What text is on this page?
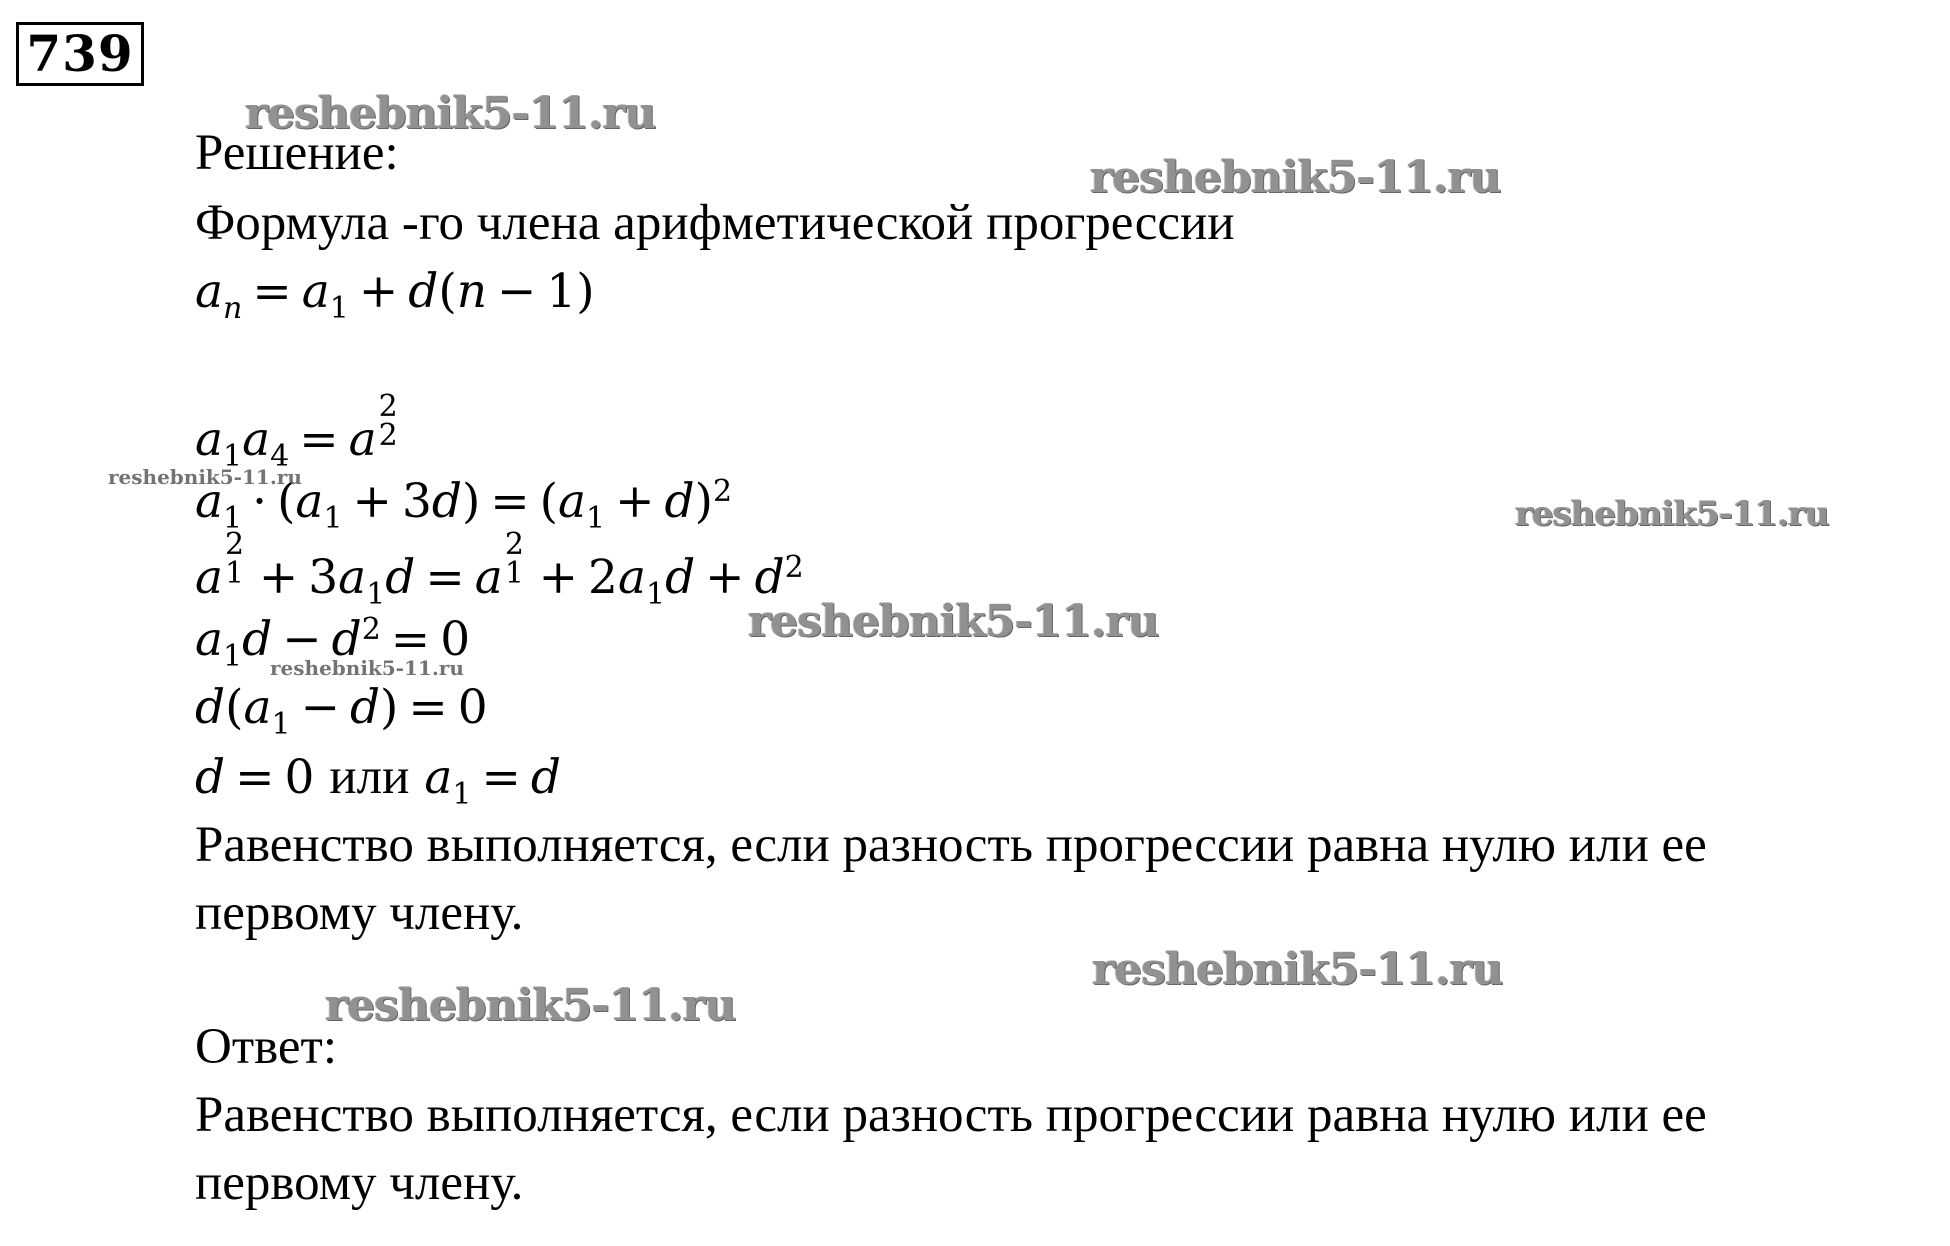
739
Решение:
Формула -го члена арифметической прогрессии
$a_n = a_1 + d(n - 1)$
$a_1a_4 = a$
2
2
$a_1 \cdot (a_1 + 3d) = (a_1 + d)^2$
a
2
$1 + 3a_1d = a$
2
$1 + 2a_1d + d^2$
$a_1d - d^2 = 0$
$d(a_1 - d) = 0$
d = 0 или $a_1 = d$
Равенство выполняется, если разность прогрессии равна нулю или ее
первому члену.
Ответ:
Равенство выполняется, если разность прогрессии равна нулю или ее
первому члену.
reshebnik5-11.ru
reshebnik5-11.ru
reshebnik5-11.ru
reshebnik5-11.ru
reshebnik5-11.ru
reshebnik5-11.ru
reshebnik5-11.ru
reshebnik5-11.ru
